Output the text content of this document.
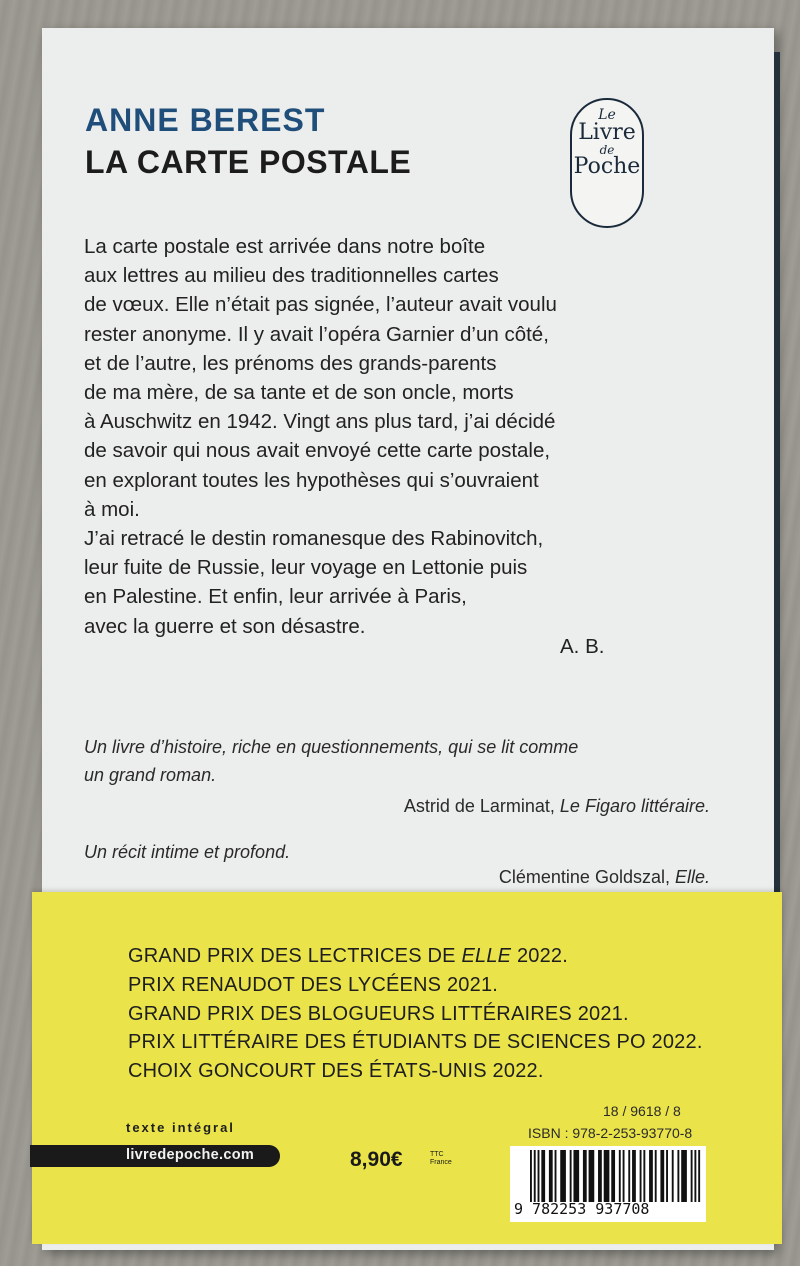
ANNE BEREST
LA CARTE POSTALE
Le
Livre
de
Poche
La carte postale est arrivée dans notre boîte
aux lettres au milieu des traditionnelles cartes
de vœux. Elle n’était pas signée, l’auteur avait voulu
rester anonyme. Il y avait l’opéra Garnier d’un côté,
et de l’autre, les prénoms des grands-parents
de ma mère, de sa tante et de son oncle, morts
à Auschwitz en 1942. Vingt ans plus tard, j’ai décidé
de savoir qui nous avait envoyé cette carte postale,
en explorant toutes les hypothèses qui s’ouvraient
à moi.
J’ai retracé le destin romanesque des Rabinovitch,
leur fuite de Russie, leur voyage en Lettonie puis
en Palestine. Et enfin, leur arrivée à Paris,
avec la guerre et son désastre.
A. B.
Un livre d’histoire, riche en questionnements, qui se lit comme
un grand roman.
Astrid de Larminat, Le Figaro littéraire.
Un récit intime et profond.
Clémentine Goldszal, Elle.
GRAND PRIX DES LECTRICES DE ELLE 2022.
PRIX RENAUDOT DES LYCÉENS 2021.
GRAND PRIX DES BLOGUEURS LITTÉRAIRES 2021.
PRIX LITTÉRAIRE DES ÉTUDIANTS DE SCIENCES PO 2022.
CHOIX GONCOURT DES ÉTATS-UNIS 2022.
texte intégral
livredepoche.com	8,90€	TTC
France
18 / 9618 / 8
ISBN : 978-2-253-93770-8
9 782253 937708
